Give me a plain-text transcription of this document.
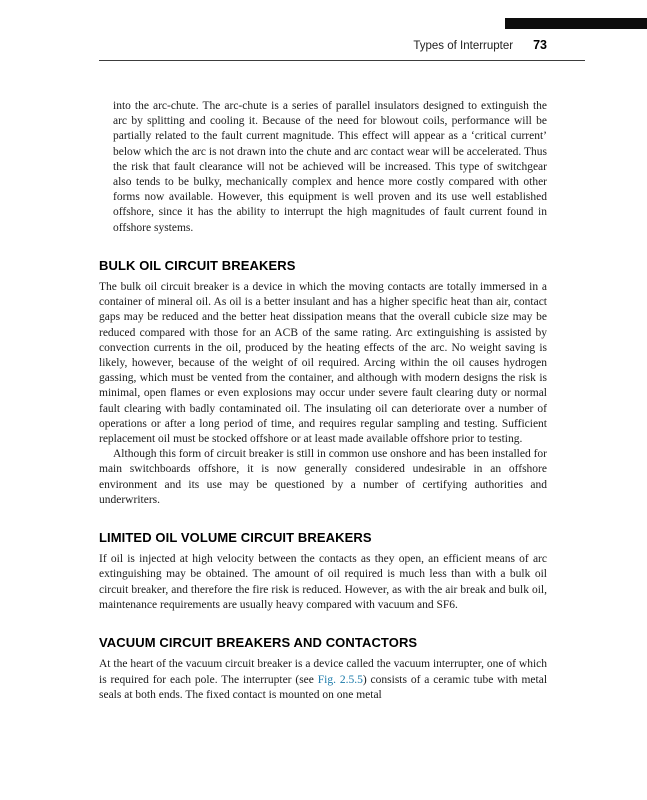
Types of Interrupter 73

into the arc-chute. The arc-chute is a series of parallel insulators designed to extinguish the arc by splitting and cooling it. Because of the need for blowout coils, performance will be partially related to the fault current magnitude. This effect will appear as a ‘critical current’ below which the arc is not drawn into the chute and arc contact wear will be accelerated. Thus the risk that fault clearance will not be achieved will be increased. This type of switchgear also tends to be bulky, mechanically complex and hence more costly compared with other forms now available. However, this equipment is well proven and its use well established offshore, since it has the ability to interrupt the high magnitudes of fault current found in offshore systems.

BULK OIL CIRCUIT BREAKERS

The bulk oil circuit breaker is a device in which the moving contacts are totally immersed in a container of mineral oil. As oil is a better insulant and has a higher specific heat than air, contact gaps may be reduced and the better heat dissipation means that the overall cubicle size may be reduced compared with those for an ACB of the same rating. Arc extinguishing is assisted by convection currents in the oil, produced by the heating effects of the arc. No weight saving is likely, however, because of the weight of oil required. Arcing within the oil causes hydrogen gassing, which must be vented from the container, and although with modern designs the risk is minimal, open flames or even explosions may occur under severe fault clearing duty or normal fault clearing with badly contaminated oil. The insulating oil can deteriorate over a number of operations or after a long period of time, and requires regular sampling and testing. Sufficient replacement oil must be stocked offshore or at least made available offshore prior to testing.

Although this form of circuit breaker is still in common use onshore and has been installed for main switchboards offshore, it is now generally considered undesirable in an offshore environment and its use may be questioned by a number of certifying authorities and underwriters.

LIMITED OIL VOLUME CIRCUIT BREAKERS

If oil is injected at high velocity between the contacts as they open, an efficient means of arc extinguishing may be obtained. The amount of oil required is much less than with a bulk oil circuit breaker, and therefore the fire risk is reduced. However, as with the air break and bulk oil, maintenance requirements are usually heavy compared with vacuum and SF6.

VACUUM CIRCUIT BREAKERS AND CONTACTORS

At the heart of the vacuum circuit breaker is a device called the vacuum interrupter, one of which is required for each pole. The interrupter (see Fig. 2.5.5) consists of a ceramic tube with metal seals at both ends. The fixed contact is mounted on one metal
